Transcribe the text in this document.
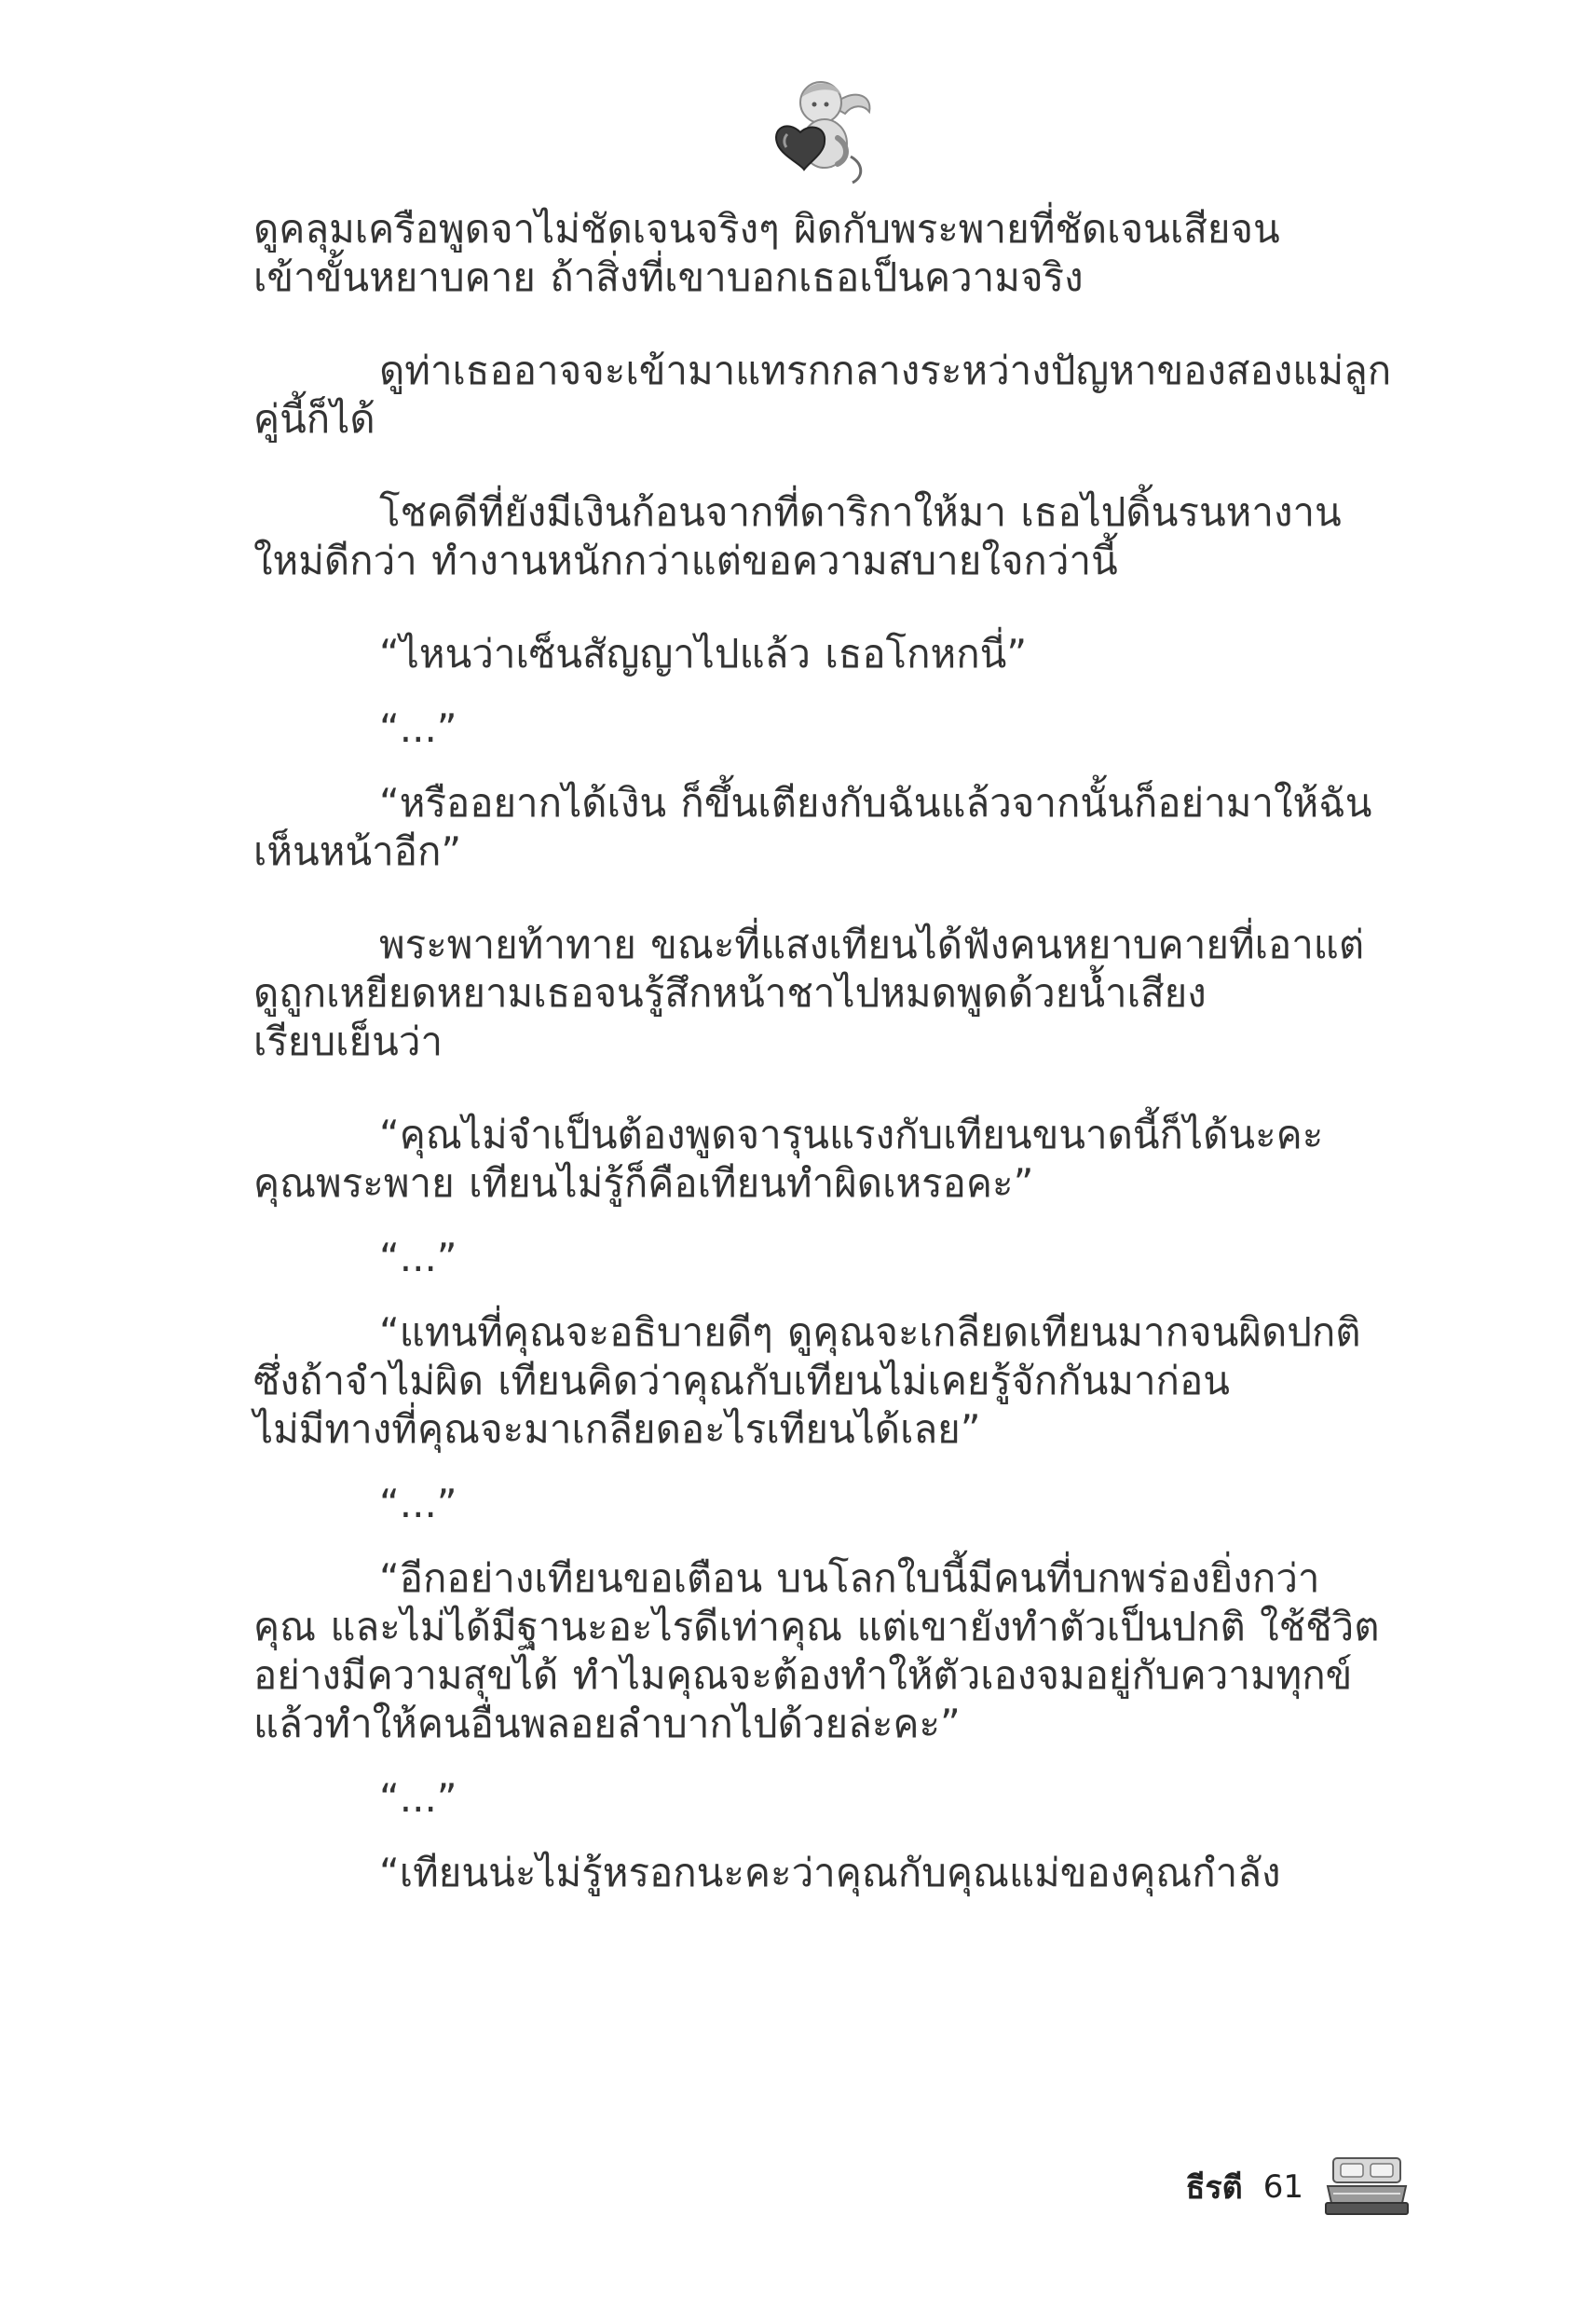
ดูคลุมเครือพูดจาไม่ชัดเจนจริงๆ ผิดกับพระพายที่ชัดเจนเสียจน
เข้าขั้นหยาบคาย ถ้าสิ่งที่เขาบอกเธอเป็นความจริง
ดูท่าเธออาจจะเข้ามาแทรกกลางระหว่างปัญหาของสองแม่ลูก
คู่นี้ก็ได้
โชคดีที่ยังมีเงินก้อนจากที่ดาริกาให้มา เธอไปดิ้นรนหางาน
ใหม่ดีกว่า ทำงานหนักกว่าแต่ขอความสบายใจกว่านี้
“ไหนว่าเซ็นสัญญาไปแล้ว เธอโกหกนี่”
“...”
“หรืออยากได้เงิน ก็ขึ้นเตียงกับฉันแล้วจากนั้นก็อย่ามาให้ฉัน
เห็นหน้าอีก”
พระพายท้าทาย ขณะที่แสงเทียนได้ฟังคนหยาบคายที่เอาแต่
ดูถูกเหยียดหยามเธอจนรู้สึกหน้าชาไปหมดพูดด้วยน้ำเสียง
เรียบเย็นว่า
“คุณไม่จำเป็นต้องพูดจารุนแรงกับเทียนขนาดนี้ก็ได้นะคะ
คุณพระพาย เทียนไม่รู้ก็คือเทียนทำผิดเหรอคะ”
“...”
“แทนที่คุณจะอธิบายดีๆ ดูคุณจะเกลียดเทียนมากจนผิดปกติ
ซึ่งถ้าจำไม่ผิด เทียนคิดว่าคุณกับเทียนไม่เคยรู้จักกันมาก่อน
ไม่มีทางที่คุณจะมาเกลียดอะไรเทียนได้เลย”
“...”
“อีกอย่างเทียนขอเตือน บนโลกใบนี้มีคนที่บกพร่องยิ่งกว่า
คุณ และไม่ได้มีฐานะอะไรดีเท่าคุณ แต่เขายังทำตัวเป็นปกติ ใช้ชีวิต
อย่างมีความสุขได้ ทำไมคุณจะต้องทำให้ตัวเองจมอยู่กับความทุกข์
แล้วทำให้คนอื่นพลอยลำบากไปด้วยล่ะคะ”
“...”
“เทียนน่ะไม่รู้หรอกนะคะว่าคุณกับคุณแม่ของคุณกำลัง
ธีรตี 61
